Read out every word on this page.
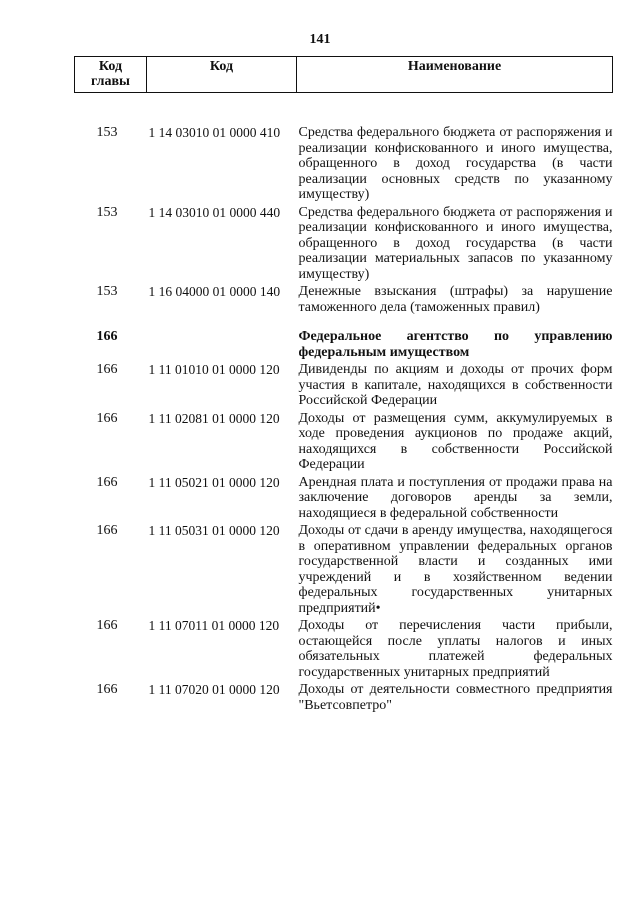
141
Код
главы	Код	Наименование

153	1 14 03010 01 0000 410	Средства федерального бюджета от распоряжения и реализации конфискованного и иного имущества, обращенного в доход государства (в части реализации основных средств по указанному имуществу)
153	1 14 03010 01 0000 440	Средства федерального бюджета от распоряжения и реализации конфискованного и иного имущества, обращенного в доход государства (в части реализации материальных запасов по указанному имуществу)
153	1 16 04000 01 0000 140	Денежные взыскания (штрафы) за нарушение таможенного дела (таможенных правил)

166		Федеральное агентство по управлению федеральным имуществом
166	1 11 01010 01 0000 120	Дивиденды по акциям и доходы от прочих форм участия в капитале, находящихся в собственности Российской Федерации
166	1 11 02081 01 0000 120	Доходы от размещения сумм, аккумулируемых в ходе проведения аукционов по продаже акций, находящихся в собственности Российской Федерации
166	1 11 05021 01 0000 120	Арендная плата и поступления от продажи права на заключение договоров аренды за земли, находящиеся в федеральной собственности
166	1 11 05031 01 0000 120	Доходы от сдачи в аренду имущества, находящегося в оперативном управлении федеральных органов государственной власти и созданных ими учреждений и в хозяйственном ведении федеральных государственных унитарных предприятий•
166	1 11 07011 01 0000 120	Доходы от перечисления части прибыли, остающейся после уплаты налогов и иных обязательных платежей федеральных государственных унитарных предприятий
166	1 11 07020 01 0000 120	Доходы от деятельности совместного предприятия "Вьетсовпетро"
